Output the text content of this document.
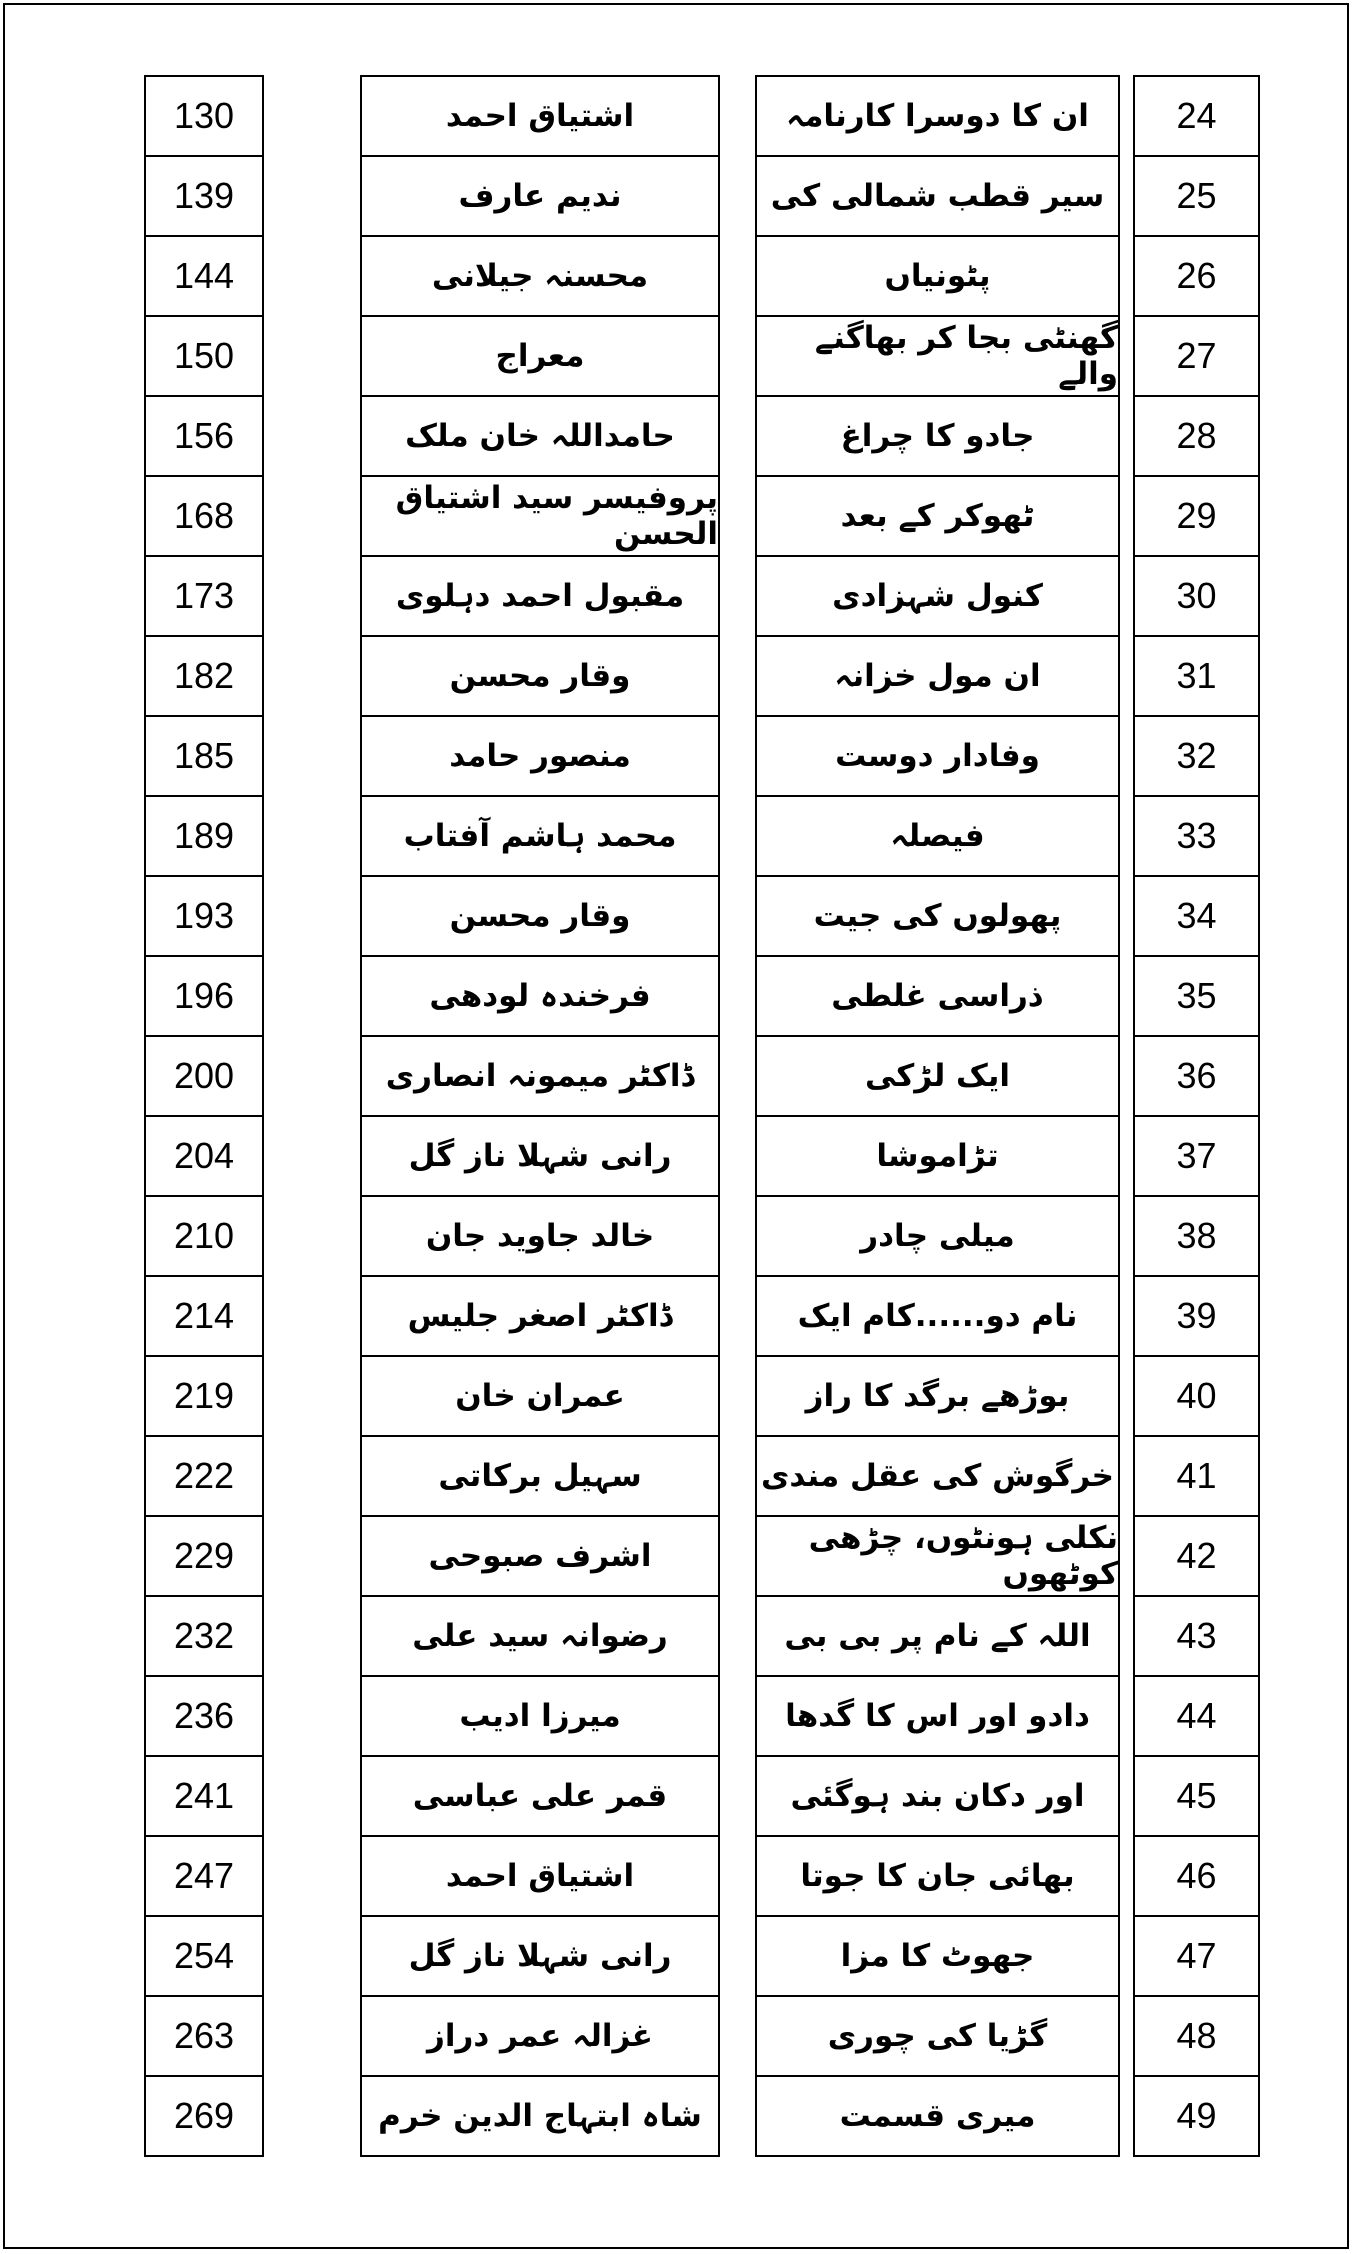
130
139
144
150
156
168
173
182
185
189
193
196
200
204
210
214
219
222
229
232
236
241
247
254
263
269
اشتیاق احمد
ندیم عارف
محسنہ جیلانی
معراج
حامداللہ خان ملک
پروفیسر سید اشتیاق الحسن
مقبول احمد دہلوی
وقار محسن
منصور حامد
محمد ہاشم آفتاب
وقار محسن
فرخندہ لودھی
ڈاکٹر میمونہ انصاری
رانی شہلا ناز گل
خالد جاوید جان
ڈاکٹر اصغر جلیس
عمران خان
سہیل برکاتی
اشرف صبوحی
رضوانہ سید علی
میرزا ادیب
قمر علی عباسی
اشتیاق احمد
رانی شہلا ناز گل
غزالہ عمر دراز
شاہ ابتہاج الدین خرم
ان کا دوسرا کارنامہ
سیر قطب شمالی کی
پٹونیاں
گھنٹی بجا کر بھاگنے والے
جادو کا چراغ
ٹھوکر کے بعد
کنول شہزادی
ان مول خزانہ
وفادار دوست
فیصلہ
پھولوں کی جیت
ذراسی غلطی
ایک لڑکی
تڑاموشا
میلی چادر
نام دو......کام ایک
بوڑھے برگد کا راز
خرگوش کی عقل مندی
نکلی ہونٹوں، چڑھی کوٹھوں
اللہ کے نام پر بی بی
دادو اور اس کا گدھا
اور دکان بند ہوگئی
بھائی جان کا جوتا
جھوٹ کا مزا
گڑیا کی چوری
میری قسمت
24
25
26
27
28
29
30
31
32
33
34
35
36
37
38
39
40
41
42
43
44
45
46
47
48
49
